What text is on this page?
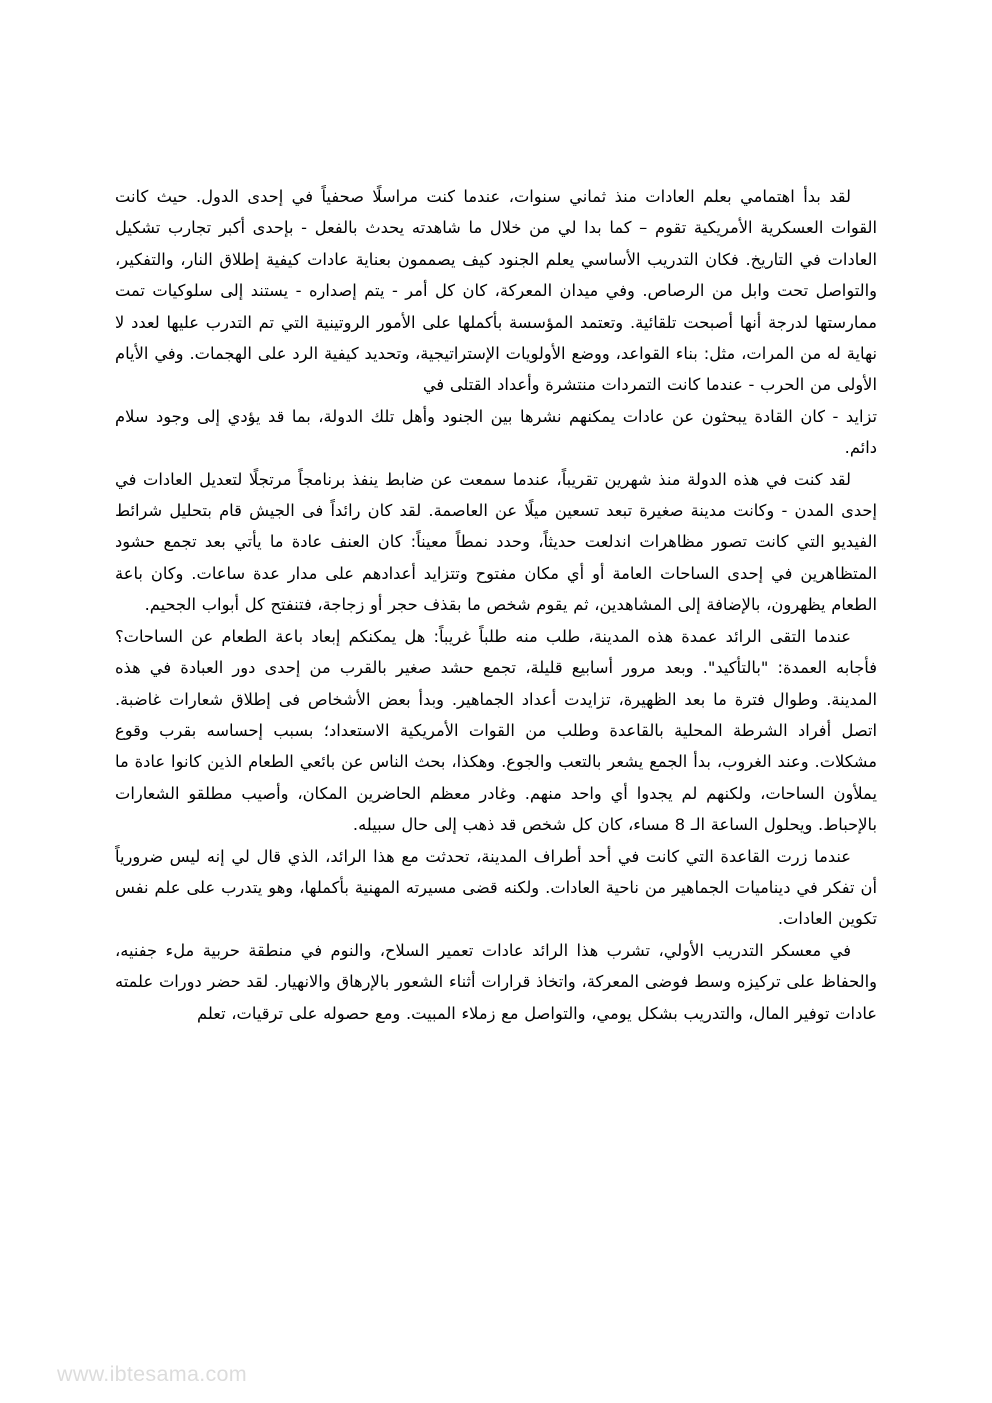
لقد بدأ اهتمامي بعلم العادات منذ ثماني سنوات، عندما كنت مراسلًا صحفياً في إحدى الدول. حيث كانت القوات العسكرية الأمريكية تقوم – كما بدا لي من خلال ما شاهدته يحدث بالفعل - بإحدى أكبر تجارب تشكيل العادات في التاريخ. فكان التدريب الأساسي يعلم الجنود كيف يصممون بعناية عادات كيفية إطلاق النار، والتفكير، والتواصل تحت وابل من الرصاص. وفي ميدان المعركة، كان كل أمر - يتم إصداره - يستند إلى سلوكيات تمت ممارستها لدرجة أنها أصبحت تلقائية. وتعتمد المؤسسة بأكملها على الأمور الروتينية التي تم التدرب عليها لعدد لا نهاية له من المرات، مثل: بناء القواعد، ووضع الأولويات الإستراتيجية، وتحديد كيفية الرد على الهجمات. وفي الأيام الأولى من الحرب - عندما كانت التمردات منتشرة وأعداد القتلى في

تزايد - كان القادة يبحثون عن عادات يمكنهم نشرها بين الجنود وأهل تلك الدولة، بما قد يؤدي إلى وجود سلام دائم.

لقد كنت في هذه الدولة منذ شهرين تقريباً، عندما سمعت عن ضابط ينفذ برنامجاً مرتجلًا لتعديل العادات في إحدى المدن - وكانت مدينة صغيرة تبعد تسعين ميلًا عن العاصمة. لقد كان رائداً فى الجيش قام بتحليل شرائط الفيديو التي كانت تصور مظاهرات اندلعت حديثاً، وحدد نمطاً معيناً: كان العنف عادة ما يأتي بعد تجمع حشود المتظاهرين في إحدى الساحات العامة أو أي مكان مفتوح وتتزايد أعدادهم على مدار عدة ساعات. وكان باعة الطعام يظهرون، بالإضافة إلى المشاهدين، ثم يقوم شخص ما بقذف حجر أو زجاجة، فتنفتح كل أبواب الجحيم.

عندما التقى الرائد عمدة هذه المدينة، طلب منه طلباً غريباً: هل يمكنكم إبعاد باعة الطعام عن الساحات؟ فأجابه العمدة: "بالتأكيد". وبعد مرور أسابيع قليلة، تجمع حشد صغير بالقرب من إحدى دور العبادة في هذه المدينة. وطوال فترة ما بعد الظهيرة، تزايدت أعداد الجماهير. وبدأ بعض الأشخاص فى إطلاق شعارات غاضبة. اتصل أفراد الشرطة المحلية بالقاعدة وطلب من القوات الأمريكية الاستعداد؛ بسبب إحساسه بقرب وقوع مشكلات. وعند الغروب، بدأ الجمع يشعر بالتعب والجوع. وهكذا، بحث الناس عن بائعي الطعام الذين كانوا عادة ما يملأون الساحات، ولكنهم لم يجدوا أي واحد منهم. وغادر معظم الحاضرين المكان، وأصيب مطلقو الشعارات بالإحباط. ويحلول الساعة الـ 8 مساء، كان كل شخص قد ذهب إلى حال سبيله.

عندما زرت القاعدة التي كانت في أحد أطراف المدينة، تحدثت مع هذا الرائد، الذي قال لي إنه ليس ضرورياً أن تفكر في ديناميات الجماهير من ناحية العادات. ولكنه قضى مسيرته المهنية بأكملها، وهو يتدرب على علم نفس تكوين العادات.

في معسكر التدريب الأولي، تشرب هذا الرائد عادات تعمير السلاح، والنوم في منطقة حربية ملء جفنيه، والحفاظ على تركيزه وسط فوضى المعركة، واتخاذ قرارات أثناء الشعور بالإرهاق والانهيار. لقد حضر دورات علمته عادات توفير المال، والتدريب بشكل يومي، والتواصل مع زملاء المبيت. ومع حصوله على ترقيات، تعلم

www.ibtesama.com
